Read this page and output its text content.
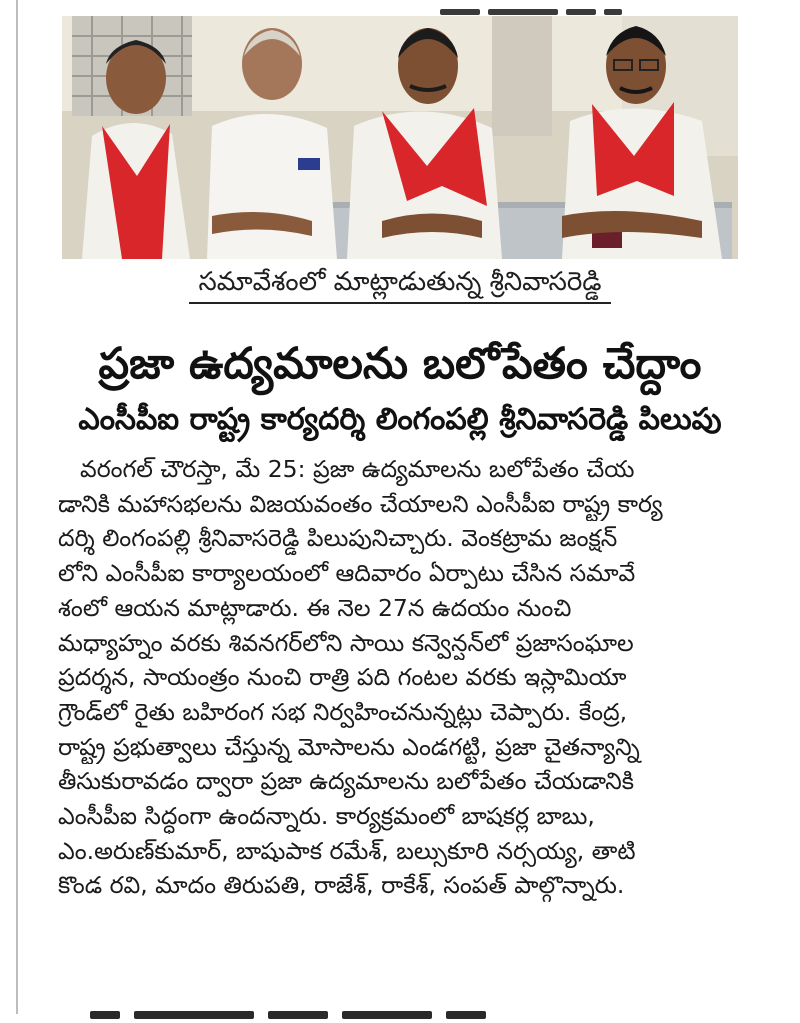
సమావేశంలో మాట్లాడుతున్న శ్రీనివాసరెడ్డి
ప్రజా ఉద్యమాలను బలోపేతం చేద్దాం
ఎంసీపీఐ రాష్ట్ర కార్యదర్శి లింగంపల్లి శ్రీనివాసరెడ్డి పిలుపు
వరంగల్ చౌరస్తా, మే 25: ప్రజా ఉద్యమాలను బలోపేతం చేయ
డానికి మహాసభలను విజయవంతం చేయాలని ఎంసీపీఐ రాష్ట్ర కార్య
దర్శి లింగంపల్లి శ్రీనివాసరెడ్డి పిలుపునిచ్చారు. వెంకట్రామ జంక్షన్
లోని ఎంసీపీఐ కార్యాలయంలో ఆదివారం ఏర్పాటు చేసిన సమావే
శంలో ఆయన మాట్లాడారు. ఈ నెల 27న ఉదయం నుంచి
మధ్యాహ్నం వరకు శివనగర్‌లోని సాయి కన్వెన్షన్‌లో ప్రజాసంఘాల
ప్రదర్శన, సాయంత్రం నుంచి రాత్రి పది గంటల వరకు ఇస్లామియా
గ్రౌండ్‌లో రైతు బహిరంగ సభ నిర్వహించనున్నట్లు చెప్పారు. కేంద్ర,
రాష్ట్ర ప్రభుత్వాలు చేస్తున్న మోసాలను ఎండగట్టి, ప్రజా చైతన్యాన్ని
తీసుకురావడం ద్వారా ప్రజా ఉద్యమాలను బలోపేతం చేయడానికి
ఎంసీపీఐ సిద్ధంగా ఉందన్నారు. కార్యక్రమంలో బాషకర్ల బాబు,
ఎం.అరుణ్‌కుమార్, బాషుపాక రమేశ్, బల్సుకూరి నర్సయ్య, తాటి
కొండ రవి, మాదం తిరుపతి, రాజేశ్, రాకేశ్, సంపత్ పాల్గొన్నారు.
